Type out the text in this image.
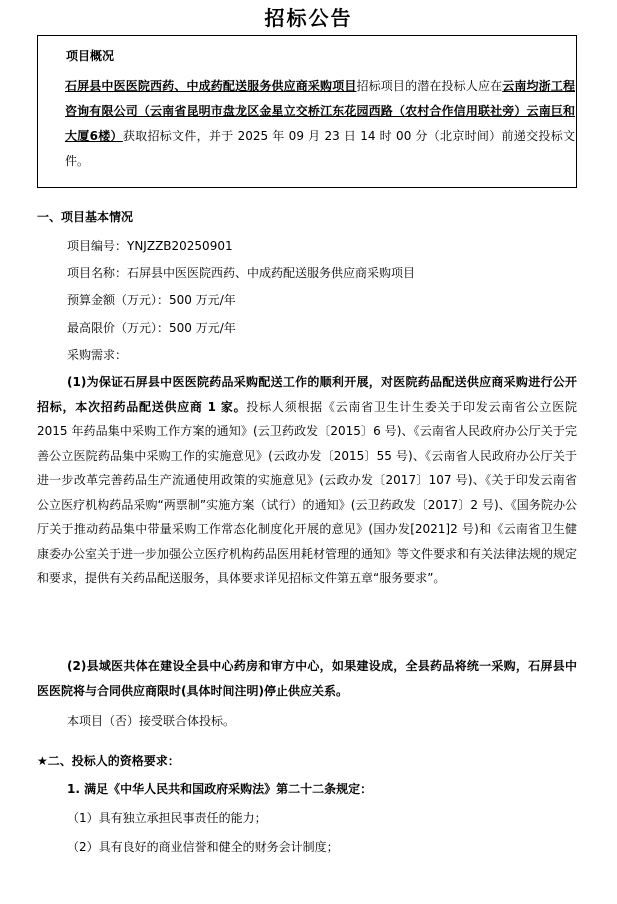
招标公告
项目概况
石屏县中医医院西药、中成药配送服务供应商采购项目招标项目的潜在投标人应在云南均浙工程咨询有限公司（云南省昆明市盘龙区金星立交桥江东花园西路（农村合作信用联社旁）云南巨和大厦6楼）获取招标文件，并于 2025 年 09 月 23 日 14 时 00 分（北京时间）前递交投标文件。
一、项目基本情况
项目编号：YNJZZB20250901
项目名称：石屏县中医医院西药、中成药配送服务供应商采购项目
预算金额（万元）：500 万元/年
最高限价（万元）：500 万元/年
采购需求：
(1)为保证石屏县中医医院药品采购配送工作的顺利开展，对医院药品配送供应商采购进行公开招标，本次招药品配送供应商 1 家。投标人须根据《云南省卫生计生委关于印发云南省公立医院 2015 年药品集中采购工作方案的通知》(云卫药政发〔2015〕6 号)、《云南省人民政府办公厅关于完善公立医院药品集中采购工作的实施意见》(云政办发〔2015〕55 号)、《云南省人民政府办公厅关于进一步改革完善药品生产流通使用政策的实施意见》(云政办发〔2017〕107 号)、《关于印发云南省公立医疗机构药品采购“两票制”实施方案（试行）的通知》(云卫药政发〔2017〕2 号)、《国务院办公厅关于推动药品集中带量采购工作常态化制度化开展的意见》(国办发[2021]2 号)和《云南省卫生健康委办公室关于进一步加强公立医疗机构药品医用耗材管理的通知》等文件要求和有关法律法规的规定和要求，提供有关药品配送服务，具体要求详见招标文件第五章“服务要求”。
(2)县域医共体在建设全县中心药房和审方中心，如果建设成，全县药品将统一采购，石屏县中医医院将与合同供应商限时(具体时间注明)停止供应关系。
本项目（否）接受联合体投标。
★二、投标人的资格要求：
1. 满足《中华人民共和国政府采购法》第二十二条规定：
（1）具有独立承担民事责任的能力；
（2）具有良好的商业信誉和健全的财务会计制度；
